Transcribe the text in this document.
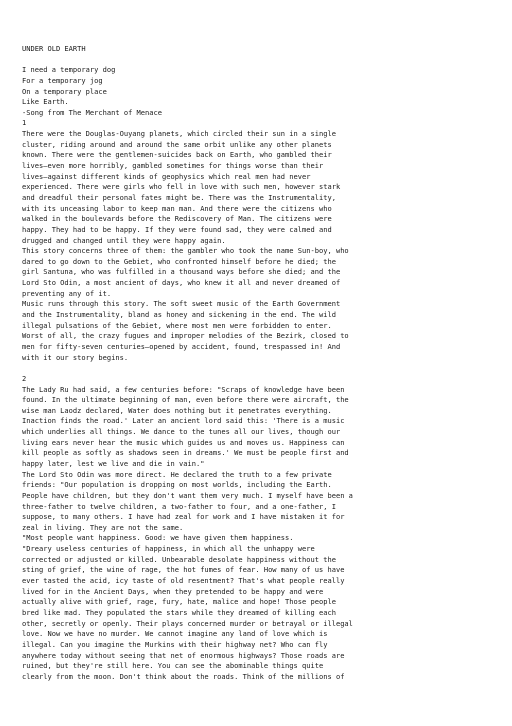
UNDER OLD EARTH
I need a temporary dog
For a temporary jog
On a temporary place
Like Earth.
-Song from The Merchant of Menace
1
There were the Douglas-Ouyang planets, which circled their sun in a single
cluster, riding around and around the same orbit unlike any other planets
known. There were the gentlemen-suicides back on Earth, who gambled their
lives—even more horribly, gambled sometimes for things worse than their
lives—against different kinds of geophysics which real men had never
experienced. There were girls who fell in love with such men, however stark
and dreadful their personal fates might be. There was the Instrumentality,
with its unceasing labor to keep man man. And there were the citizens who
walked in the boulevards before the Rediscovery of Man. The citizens were
happy. They had to be happy. If they were found sad, they were calmed and
drugged and changed until they were happy again.
This story concerns three of them: the gambler who took the name Sun-boy, who
dared to go down to the Gebiet, who confronted himself before he died; the
girl Santuna, who was fulfilled in a thousand ways before she died; and the
Lord Sto Odin, a most ancient of days, who knew it all and never dreamed of
preventing any of it.
Music runs through this story. The soft sweet music of the Earth Government
and the Instrumentality, bland as honey and sickening in the end. The wild
illegal pulsations of the Gebiet, where most men were forbidden to enter.
Worst of all, the crazy fugues and improper melodies of the Bezirk, closed to
men for fifty-seven centuries—opened by accident, found, trespassed in! And
with it our story begins.
2
The Lady Ru had said, a few centuries before: "Scraps of knowledge have been
found. In the ultimate beginning of man, even before there were aircraft, the
wise man Laodz declared, Water does nothing but it penetrates everything.
Inaction finds the road.' Later an ancient lord said this: 'There is a music
which underlies all things. We dance to the tunes all our lives, though our
living ears never hear the music which guides us and moves us. Happiness can
kill people as softly as shadows seen in dreams.' We must be people first and
happy later, lest we live and die in vain."
The Lord Sto Odin was more direct. He declared the truth to a few private
friends: "Our population is dropping on most worlds, including the Earth.
People have children, but they don't want them very much. I myself have been a
three-father to twelve children, a two-father to four, and a one-father, I
suppose, to many others. I have had zeal for work and I have mistaken it for
zeal in living. They are not the same.
"Most people want happiness. Good: we have given them happiness.
"Dreary useless centuries of happiness, in which all the unhappy were
corrected or adjusted or killed. Unbearable desolate happiness without the
sting of grief, the wine of rage, the hot fumes of fear. How many of us have
ever tasted the acid, icy taste of old resentment? That's what people really
lived for in the Ancient Days, when they pretended to be happy and were
actually alive with grief, rage, fury, hate, malice and hope! Those people
bred like mad. They populated the stars while they dreamed of killing each
other, secretly or openly. Their plays concerned murder or betrayal or illegal
love. Now we have no murder. We cannot imagine any land of love which is
illegal. Can you imagine the Murkins with their highway net? Who can fly
anywhere today without seeing that net of enormous highways? Those roads are
ruined, but they're still here. You can see the abominable things quite
clearly from the moon. Don't think about the roads. Think of the millions of
